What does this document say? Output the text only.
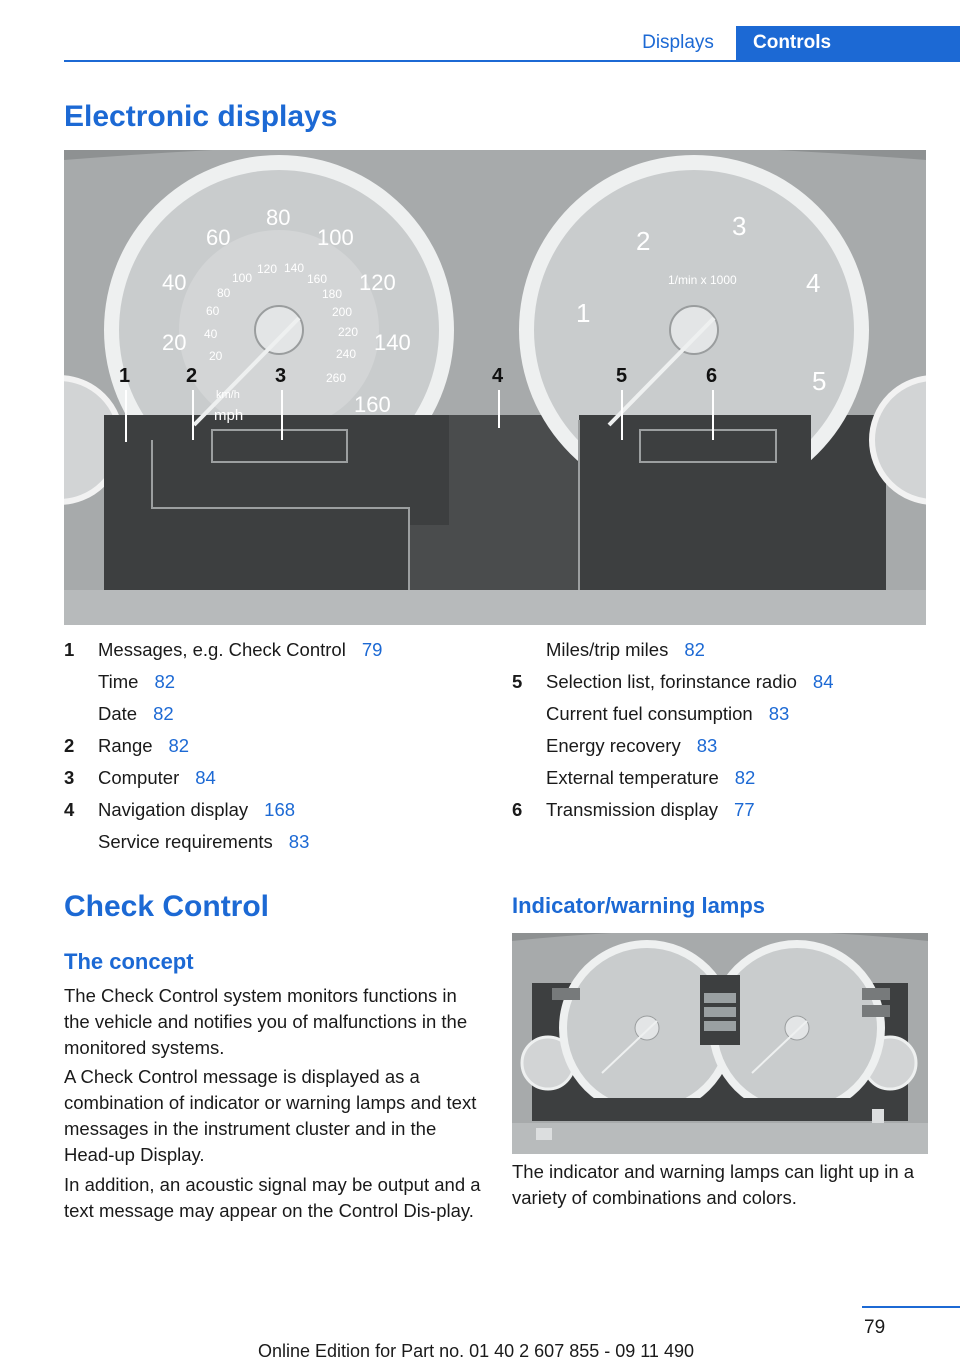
Displays	Controls
Electronic displays
20
40
60
80
100
120
140
160
20
40
60
80
100
120 140
160
180
200
220
240
260
km/h
mph
1
2	3
4
5
1/min x 1000
1	2	3	4	5	6
1	Messages, e.g. Check Control 79
Time 82
Date 82
2	Range 82
3	Computer 84
4	Navigation display 168
Service requirements 83
Miles/trip miles 82
5	Selection list, forinstance radio 84
Current fuel consumption 83
Energy recovery 83
External temperature 82
6	Transmission display 77
Check Control
The concept
The Check Control system monitors functions in the vehicle and notifies you of malfunctions in the monitored systems.
A Check Control message is displayed as a combination of indicator or warning lamps and text messages in the instrument cluster and in the Head-up Display.
In addition, an acoustic signal may be output and a text message may appear on the Control Dis‐play.
Indicator/warning lamps
The indicator and warning lamps can light up in a variety of combinations and colors.
79
Online Edition for Part no. 01 40 2 607 855 - 09 11 490
